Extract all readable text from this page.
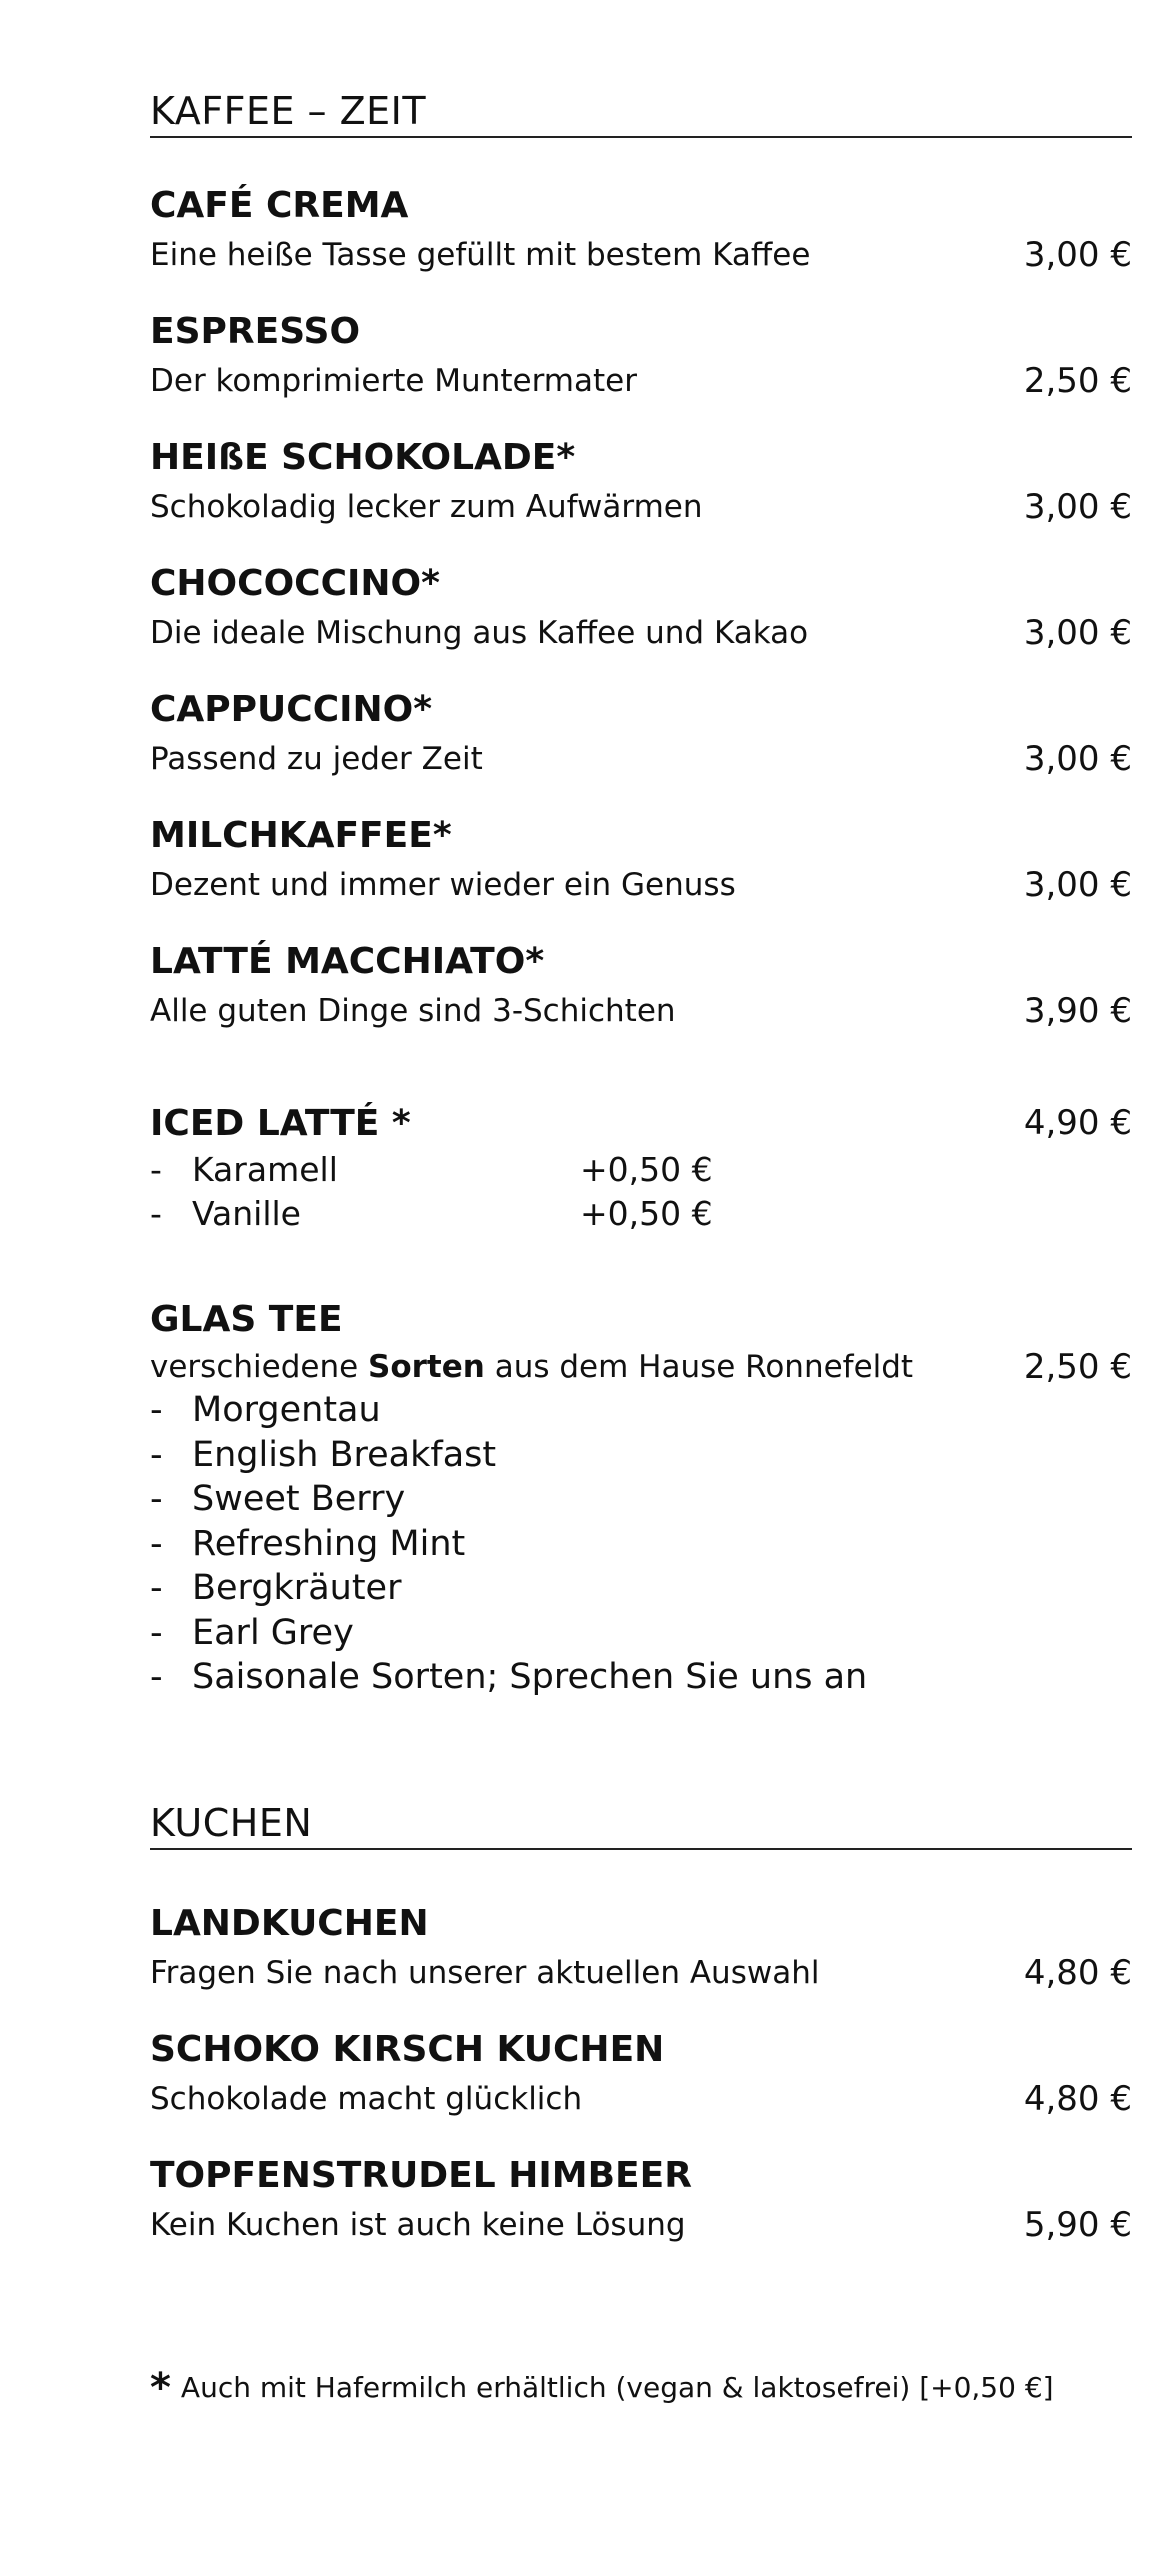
KAFFEE – ZEIT
CAFÉ CREMA
Eine heiße Tasse gefüllt mit bestem Kaffee	3,00 €
ESPRESSO
Der komprimierte Muntermater	2,50 €
HEIßE SCHOKOLADE*
Schokoladig lecker zum Aufwärmen	3,00 €
CHOCOCCINO*
Die ideale Mischung aus Kaffee und Kakao	3,00 €
CAPPUCCINO*
Passend zu jeder Zeit	3,00 €
MILCHKAFFEE*
Dezent und immer wieder ein Genuss	3,00 €
LATTÉ MACCHIATO*
Alle guten Dinge sind 3-Schichten	3,90 €
ICED LATTÉ *	4,90 €
- Karamell	+0,50 €
- Vanille	+0,50 €
GLAS TEE
verschiedene Sorten aus dem Hause Ronnefeldt	2,50 €
- Morgentau
- English Breakfast
- Sweet Berry
- Refreshing Mint
- Bergkräuter
- Earl Grey
- Saisonale Sorten; Sprechen Sie uns an
KUCHEN
LANDKUCHEN
Fragen Sie nach unserer aktuellen Auswahl	4,80 €
SCHOKO KIRSCH KUCHEN
Schokolade macht glücklich	4,80 €
TOPFENSTRUDEL HIMBEER
Kein Kuchen ist auch keine Lösung	5,90 €
* Auch mit Hafermilch erhältlich (vegan & laktosefrei) [+0,50 €]
